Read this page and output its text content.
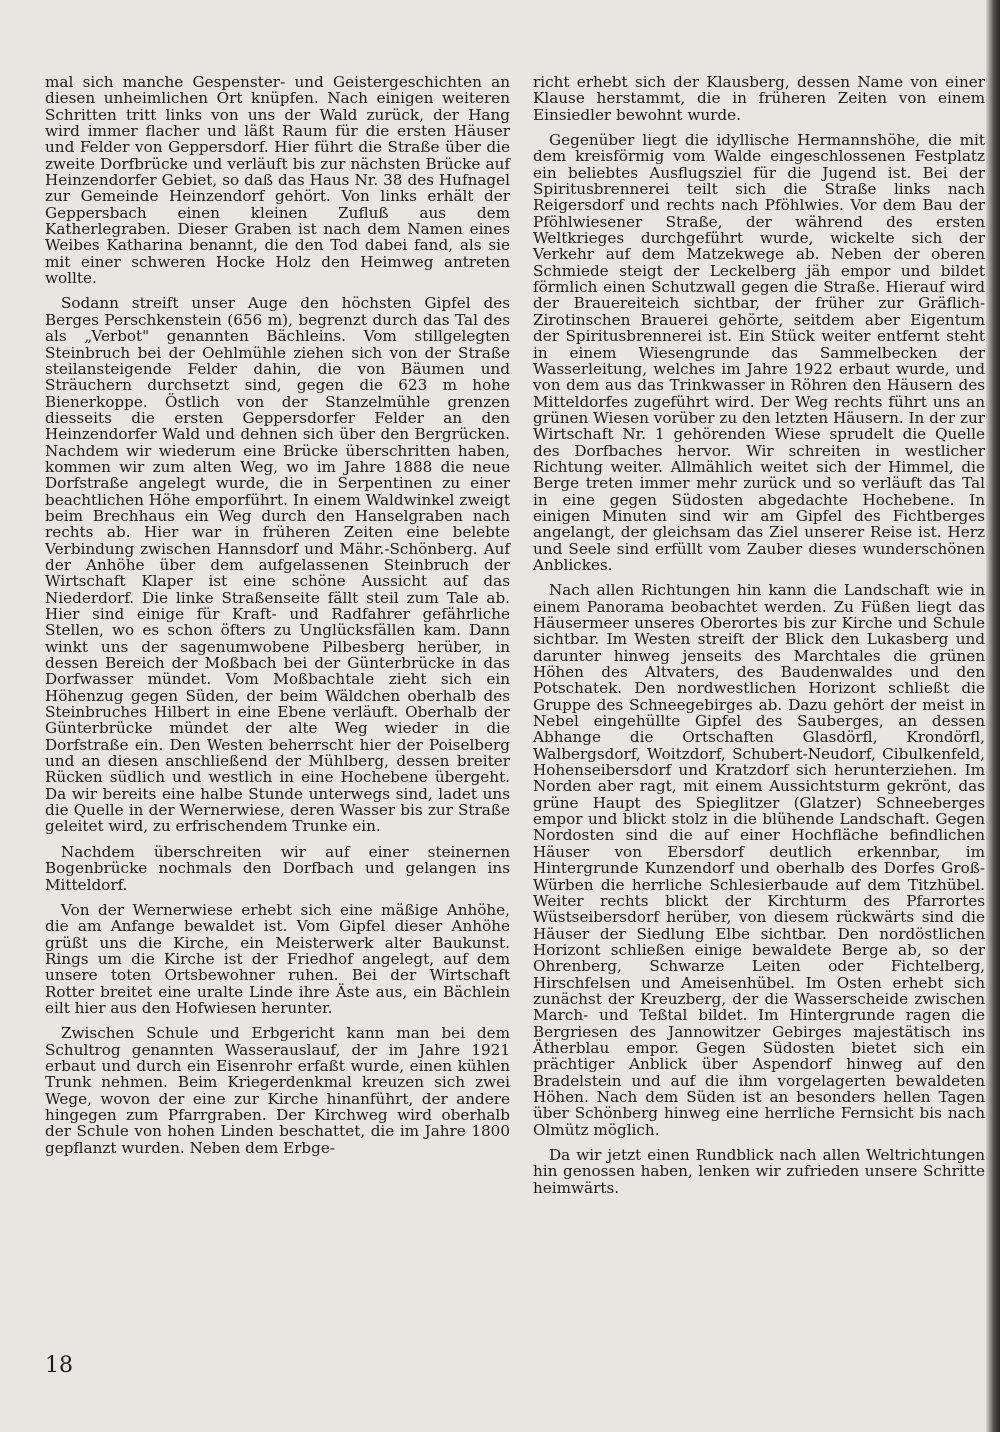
mal sich manche Gespenster- und Geistergeschichten an diesen unheimlichen Ort knüpfen. Nach einigen weiteren Schritten tritt links von uns der Wald zurück, der Hang wird immer flacher und läßt Raum für die ersten Häuser und Felder von Geppersdorf. Hier führt die Straße über die zweite Dorfbrücke und verläuft bis zur nächsten Brücke auf Heinzendorfer Gebiet, so daß das Haus Nr. 38 des Hufnagel zur Gemeinde Heinzendorf gehört. Von links erhält der Geppersbach einen kleinen Zufluß aus dem Katherlegraben. Dieser Graben ist nach dem Namen eines Weibes Katharina benannt, die den Tod dabei fand, als sie mit einer schweren Hocke Holz den Heimweg antreten wollte.

Sodann streift unser Auge den höchsten Gipfel des Berges Perschkenstein (656 m), begrenzt durch das Tal des als „Verbot" genannten Bächleins. Vom stillgelegten Steinbruch bei der Oehlmühle ziehen sich von der Straße steilansteigende Felder dahin, die von Bäumen und Sträuchern durchsetzt sind, gegen die 623 m hohe Bienerkoppe. Östlich von der Stanzelmühle grenzen diesseits die ersten Geppersdorfer Felder an den Heinzendorfer Wald und dehnen sich über den Bergrücken. Nachdem wir wiederum eine Brücke überschritten haben, kommen wir zum alten Weg, wo im Jahre 1888 die neue Dorfstraße angelegt wurde, die in Serpentinen zu einer beachtlichen Höhe emporführt. In einem Waldwinkel zweigt beim Brechhaus ein Weg durch den Hanselgraben nach rechts ab. Hier war in früheren Zeiten eine belebte Verbindung zwischen Hannsdorf und Mähr.-Schönberg. Auf der Anhöhe über dem aufgelassenen Steinbruch der Wirtschaft Klaper ist eine schöne Aussicht auf das Niederdorf. Die linke Straßenseite fällt steil zum Tale ab. Hier sind einige für Kraft- und Radfahrer gefährliche Stellen, wo es schon öfters zu Unglücksfällen kam. Dann winkt uns der sagenumwobene Pilbesberg herüber, in dessen Bereich der Moßbach bei der Günterbrücke in das Dorfwasser mündet. Vom Moßbachtale zieht sich ein Höhenzug gegen Süden, der beim Wäldchen oberhalb des Steinbruches Hilbert in eine Ebene verläuft. Oberhalb der Günterbrücke mündet der alte Weg wieder in die Dorfstraße ein. Den Westen beherrscht hier der Poiselberg und an diesen anschließend der Mühlberg, dessen breiter Rücken südlich und westlich in eine Hochebene übergeht. Da wir bereits eine halbe Stunde unterwegs sind, ladet uns die Quelle in der Wernerwiese, deren Wasser bis zur Straße geleitet wird, zu erfrischendem Trunke ein.

Nachdem überschreiten wir auf einer steinernen Bogenbrücke nochmals den Dorfbach und gelangen ins Mitteldorf.

Von der Wernerwiese erhebt sich eine mäßige Anhöhe, die am Anfange bewaldet ist. Vom Gipfel dieser Anhöhe grüßt uns die Kirche, ein Meisterwerk alter Baukunst. Rings um die Kirche ist der Friedhof angelegt, auf dem unsere toten Ortsbewohner ruhen. Bei der Wirtschaft Rotter breitet eine uralte Linde ihre Äste aus, ein Bächlein eilt hier aus den Hofwiesen herunter.

Zwischen Schule und Erbgericht kann man bei dem Schultrog genannten Wasserauslauf, der im Jahre 1921 erbaut und durch ein Eisenrohr erfaßt wurde, einen kühlen Trunk nehmen. Beim Kriegerdenkmal kreuzen sich zwei Wege, wovon der eine zur Kirche hinanführt, der andere hingegen zum Pfarrgraben. Der Kirchweg wird oberhalb der Schule von hohen Linden beschattet, die im Jahre 1800 gepflanzt wurden. Neben dem Erbge-

richt erhebt sich der Klausberg, dessen Name von einer Klause herstammt, die in früheren Zeiten von einem Einsiedler bewohnt wurde.

Gegenüber liegt die idyllische Hermannshöhe, die mit dem kreisförmig vom Walde eingeschlossenen Festplatz ein beliebtes Ausflugsziel für die Jugend ist. Bei der Spiritusbrennerei teilt sich die Straße links nach Reigersdorf und rechts nach Pföhlwies. Vor dem Bau der Pföhlwiesener Straße, der während des ersten Weltkrieges durchgeführt wurde, wickelte sich der Verkehr auf dem Matzekwege ab. Neben der oberen Schmiede steigt der Leckelberg jäh empor und bildet förmlich einen Schutzwall gegen die Straße. Hierauf wird der Brauereiteich sichtbar, der früher zur Gräflich-Zirotinschen Brauerei gehörte, seitdem aber Eigentum der Spiritusbrennerei ist. Ein Stück weiter entfernt steht in einem Wiesengrunde das Sammelbecken der Wasserleitung, welches im Jahre 1922 erbaut wurde, und von dem aus das Trinkwasser in Röhren den Häusern des Mitteldorfes zugeführt wird. Der Weg rechts führt uns an grünen Wiesen vorüber zu den letzten Häusern. In der zur Wirtschaft Nr. 1 gehörenden Wiese sprudelt die Quelle des Dorfbaches hervor. Wir schreiten in westlicher Richtung weiter. Allmählich weitet sich der Himmel, die Berge treten immer mehr zurück und so verläuft das Tal in eine gegen Südosten abgedachte Hochebene. In einigen Minuten sind wir am Gipfel des Fichtberges angelangt, der gleichsam das Ziel unserer Reise ist. Herz und Seele sind erfüllt vom Zauber dieses wunderschönen Anblickes.

Nach allen Richtungen hin kann die Landschaft wie in einem Panorama beobachtet werden. Zu Füßen liegt das Häusermeer unseres Oberortes bis zur Kirche und Schule sichtbar. Im Westen streift der Blick den Lukasberg und darunter hinweg jenseits des Marchtales die grünen Höhen des Altvaters, des Baudenwaldes und den Potschatek. Den nordwestlichen Horizont schließt die Gruppe des Schneegebirges ab. Dazu gehört der meist in Nebel eingehüllte Gipfel des Sauberges, an dessen Abhange die Ortschaften Glasdörfl, Krondörfl, Walbergsdorf, Woitzdorf, Schubert-Neudorf, Cibulkenfeld, Hohenseibersdorf und Kratzdorf sich herunterziehen. Im Norden aber ragt, mit einem Aussichtsturm gekrönt, das grüne Haupt des Spieglitzer (Glatzer) Schneeberges empor und blickt stolz in die blühende Landschaft. Gegen Nordosten sind die auf einer Hochfläche befindlichen Häuser von Ebersdorf deutlich erkennbar, im Hintergrunde Kunzendorf und oberhalb des Dorfes Groß-Würben die herrliche Schlesierbaude auf dem Titzhübel. Weiter rechts blickt der Kirchturm des Pfarrortes Wüstseibersdorf herüber, von diesem rückwärts sind die Häuser der Siedlung Elbe sichtbar. Den nordöstlichen Horizont schließen einige bewaldete Berge ab, so der Ohrenberg, Schwarze Leiten oder Fichtelberg, Hirschfelsen und Ameisenhübel. Im Osten erhebt sich zunächst der Kreuzberg, der die Wasserscheide zwischen March- und Teßtal bildet. Im Hintergrunde ragen die Bergriesen des Jannowitzer Gebirges majestätisch ins Ätherblau empor. Gegen Südosten bietet sich ein prächtiger Anblick über Aspendorf hinweg auf den Bradelstein und auf die ihm vorgelagerten bewaldeten Höhen. Nach dem Süden ist an besonders hellen Tagen über Schönberg hinweg eine herrliche Fernsicht bis nach Olmütz möglich.

Da wir jetzt einen Rundblick nach allen Weltrichtungen hin genossen haben, lenken wir zufrieden unsere Schritte heimwärts.

18
